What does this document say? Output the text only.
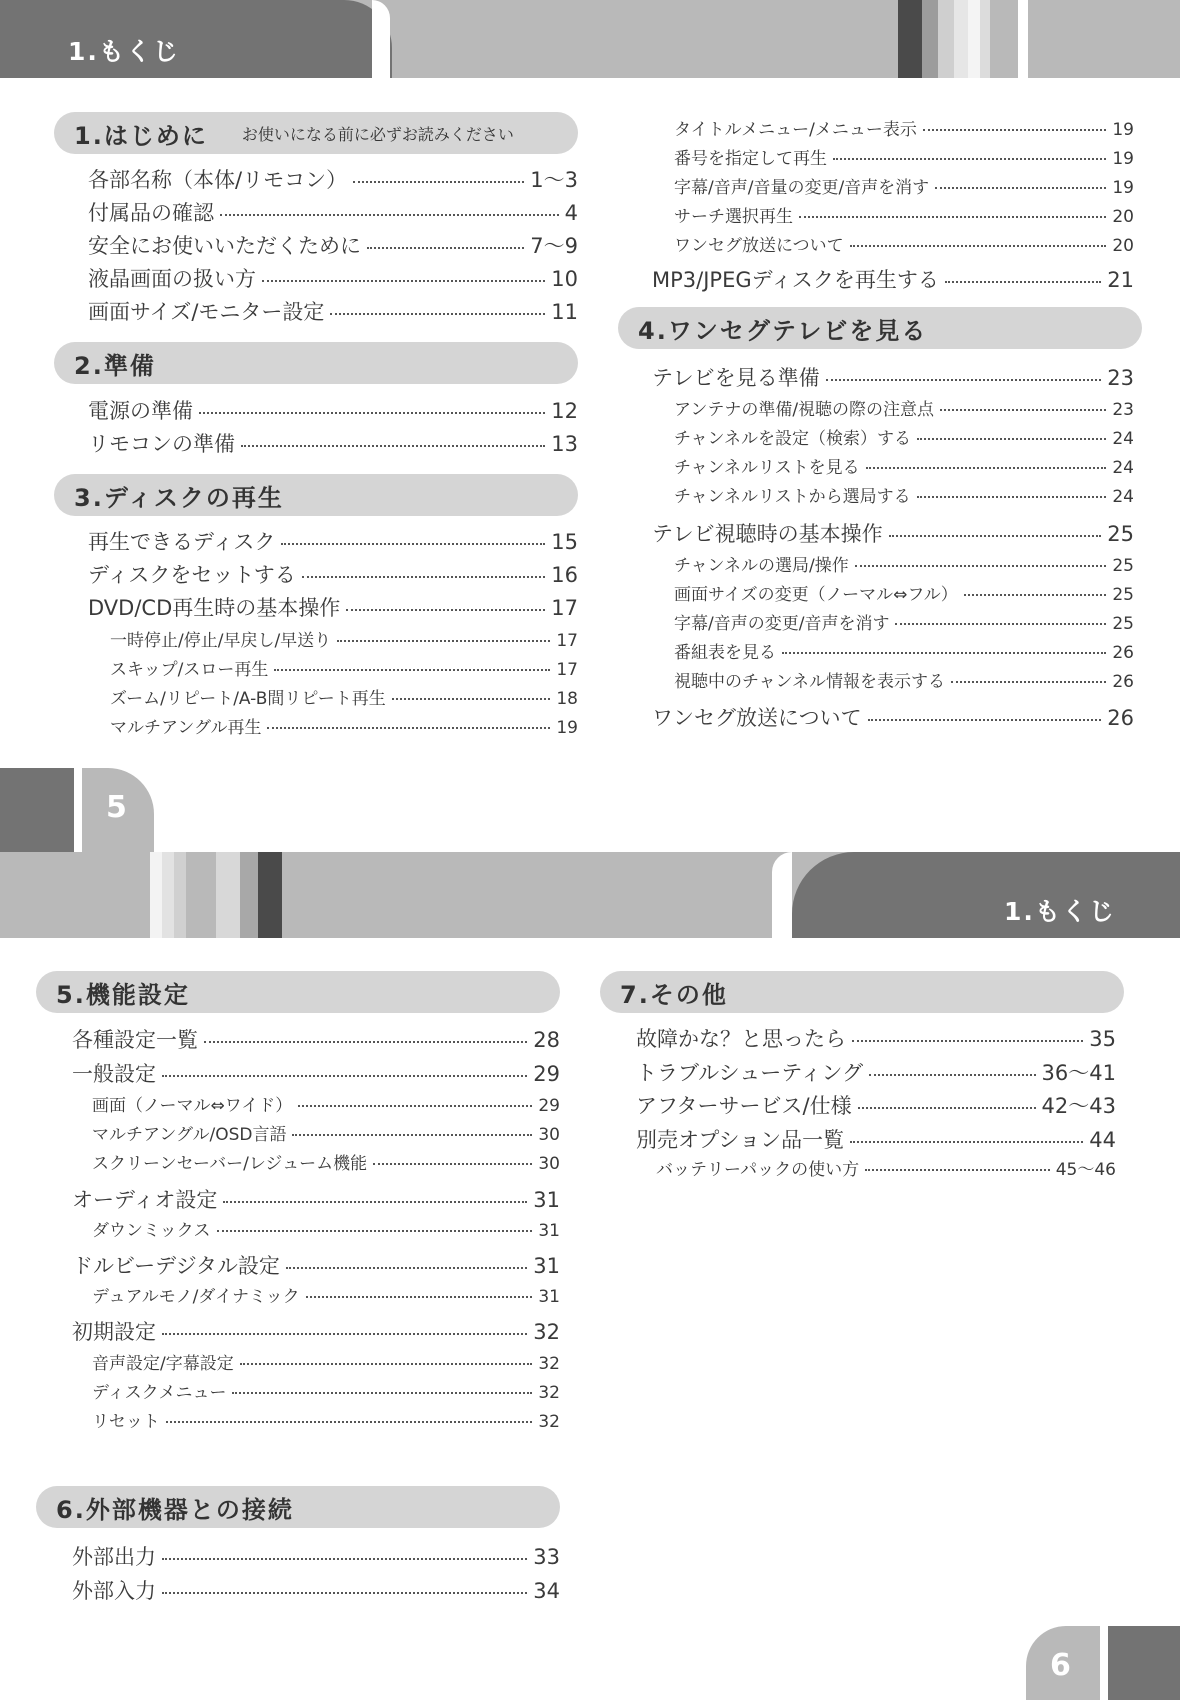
1.もくじ
1.はじめに お使いになる前に必ずお読みください
各部名称（本体/リモコン）	1～3
付属品の確認	4
安全にお使いいただくために	7～9
液晶画面の扱い方	10
画面サイズ/モニター設定	11
2.準備
電源の準備	12
リモコンの準備	13
3.ディスクの再生
再生できるディスク	15
ディスクをセットする	16
DVD/CD再生時の基本操作	17
一時停止/停止/早戻し/早送り	17
スキップ/スロー再生	17
ズーム/リピート/A-B間リピート再生	18
マルチアングル再生	19
タイトルメニュー/メニュー表示	19
番号を指定して再生	19
字幕/音声/音量の変更/音声を消す	19
サーチ選択再生	20
ワンセグ放送について	20
MP3/JPEGディスクを再生する	21
4.ワンセグテレビを見る
テレビを見る準備	23
アンテナの準備/視聴の際の注意点	23
チャンネルを設定（検索）する	24
チャンネルリストを見る	24
チャンネルリストから選局する	24
テレビ視聴時の基本操作	25
チャンネルの選局/操作	25
画面サイズの変更（ノーマル⇔フル）	25
字幕/音声の変更/音声を消す	25
番組表を見る	26
視聴中のチャンネル情報を表示する	26
ワンセグ放送について	26
5
1.もくじ
5.機能設定
各種設定一覧	28
一般設定	29
画面（ノーマル⇔ワイド）	29
マルチアングル/OSD言語	30
スクリーンセーバー/レジューム機能	30
オーディオ設定	31
ダウンミックス	31
ドルビーデジタル設定	31
デュアルモノ/ダイナミック	31
初期設定	32
音声設定/字幕設定	32
ディスクメニュー	32
リセット	32
6.外部機器との接続
外部出力	33
外部入力	34
7.その他
故障かな？と思ったら	35
トラブルシューティング	36～41
アフターサービス/仕様	42～43
別売オプション品一覧	44
バッテリーパックの使い方	45～46
6
